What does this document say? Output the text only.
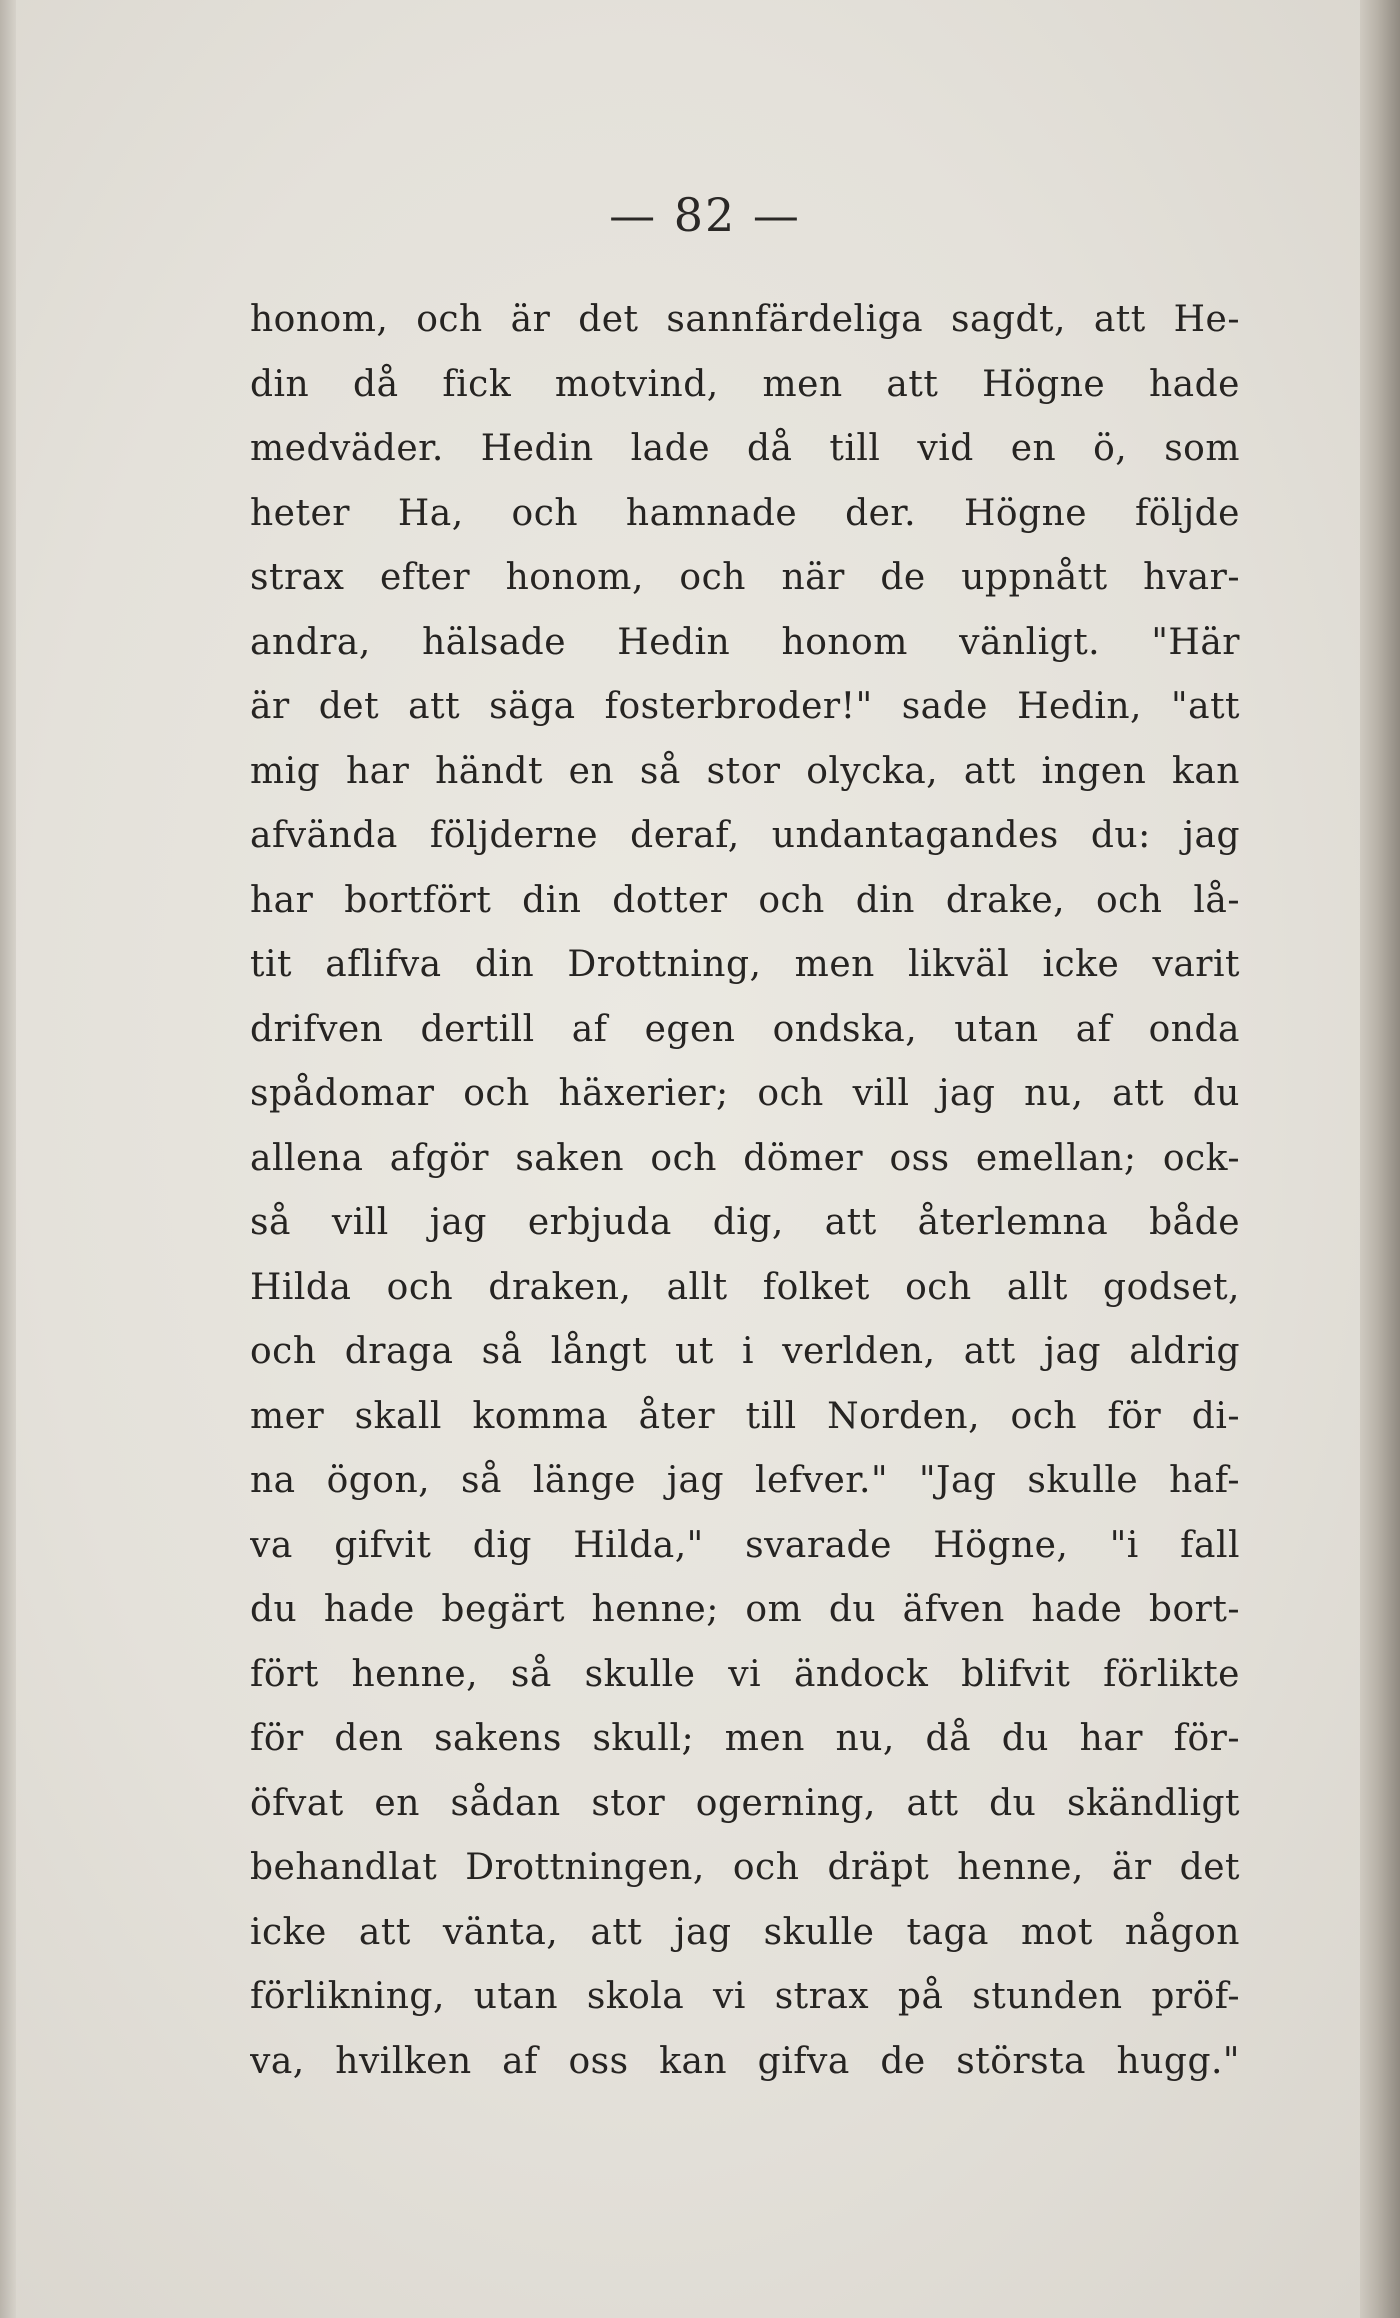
— 82 —
honom, och är det sannfärdeliga sagdt, att He-
din då fick motvind, men att Högne hade
medväder. Hedin lade då till vid en ö, som
heter Ha, och hamnade der. Högne följde
strax efter honom, och när de uppnått hvar-
andra, hälsade Hedin honom vänligt. "Här
är det att säga fosterbroder!" sade Hedin, "att
mig har händt en så stor olycka, att ingen kan
afvända följderne deraf, undantagandes du: jag
har bortfört din dotter och din drake, och lå-
tit aflifva din Drottning, men likväl icke varit
drifven dertill af egen ondska, utan af onda
spådomar och häxerier; och vill jag nu, att du
allena afgör saken och dömer oss emellan; ock-
så vill jag erbjuda dig, att återlemna både
Hilda och draken, allt folket och allt godset,
och draga så långt ut i verlden, att jag aldrig
mer skall komma åter till Norden, och för di-
na ögon, så länge jag lefver." "Jag skulle haf-
va gifvit dig Hilda," svarade Högne, "i fall
du hade begärt henne; om du äfven hade bort-
fört henne, så skulle vi ändock blifvit förlikte
för den sakens skull; men nu, då du har för-
öfvat en sådan stor ogerning, att du skändligt
behandlat Drottningen, och dräpt henne, är det
icke att vänta, att jag skulle taga mot någon
förlikning, utan skola vi strax på stunden pröf-
va, hvilken af oss kan gifva de största hugg."
